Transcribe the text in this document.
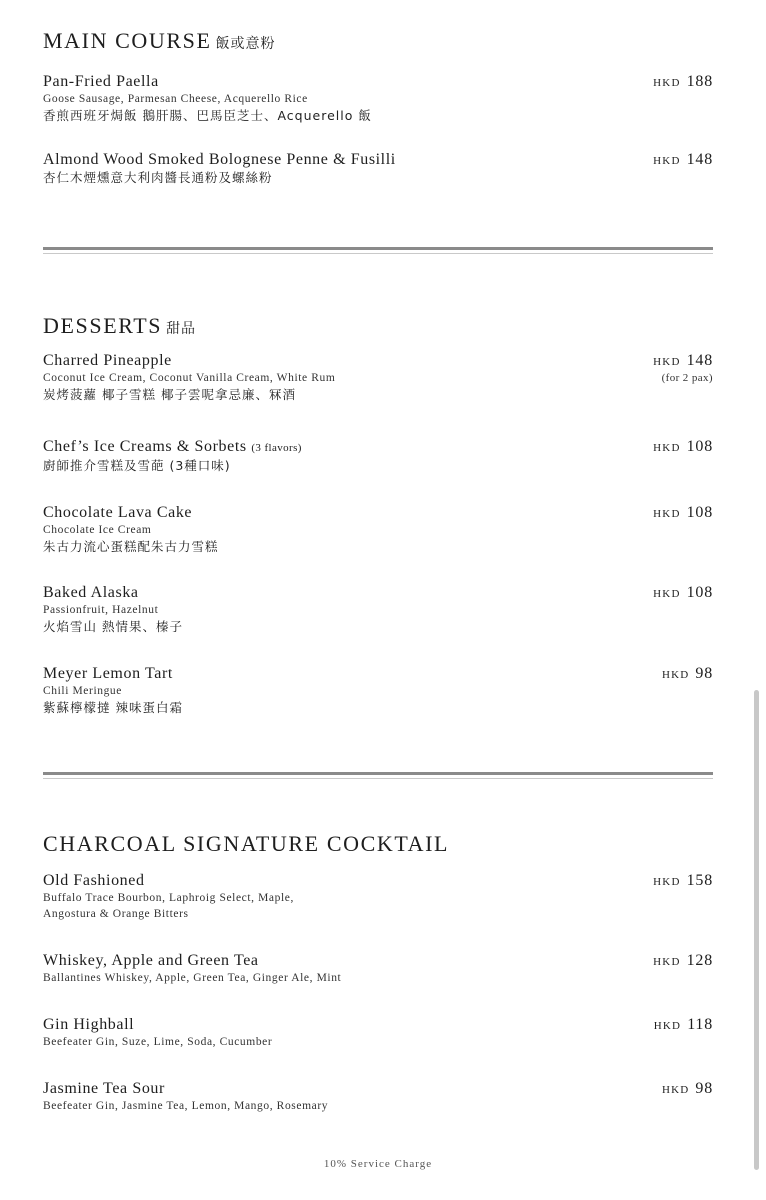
MAIN COURSE 飯或意粉
Pan-Fried Paella
Goose Sausage, Parmesan Cheese, Acquerello Rice
香煎西班牙焗飯 鵝肝腸、巴馬臣芝士、Acquerello 飯
HKD 188
Almond Wood Smoked Bolognese Penne & Fusilli
杏仁木煙燻意大利肉醬長通粉及螺絲粉
HKD 148
DESSERTS 甜品
Charred Pineapple
Coconut Ice Cream, Coconut Vanilla Cream, White Rum
炭烤菠蘿 椰子雪糕 椰子雲呢拿忌廉、冧酒
HKD 148
(for 2 pax)
Chef’s Ice Creams & Sorbets (3 flavors)
廚師推介雪糕及雪葩 (3種口味)
HKD 108
Chocolate Lava Cake
Chocolate Ice Cream
朱古力流心蛋糕配朱古力雪糕
HKD 108
Baked Alaska
Passionfruit, Hazelnut
火焰雪山 熱情果、榛子
HKD 108
Meyer Lemon Tart
Chili Meringue
紫蘇檸檬撻 辣味蛋白霜
HKD 98
CHARCOAL SIGNATURE COCKTAIL
Old Fashioned
Buffalo Trace Bourbon, Laphroig Select, Maple,
Angostura & Orange Bitters
HKD 158
Whiskey, Apple and Green Tea
Ballantines Whiskey, Apple, Green Tea, Ginger Ale, Mint
HKD 128
Gin Highball
Beefeater Gin, Suze, Lime, Soda, Cucumber
HKD 118
Jasmine Tea Sour
Beefeater Gin, Jasmine Tea, Lemon, Mango, Rosemary
HKD 98
10% Service Charge
